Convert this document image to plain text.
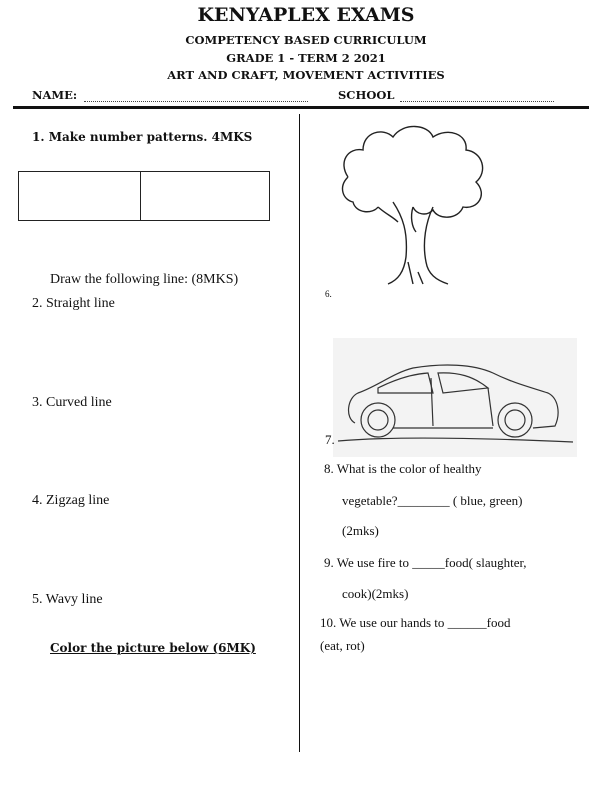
KENYAPLEX EXAMS
COMPETENCY BASED CURRICULUM
GRADE 1 - TERM 2 2021
ART AND CRAFT, MOVEMENT ACTIVITIES
NAME:	SCHOOL
1. Make number patterns. 4MKS
Draw the following line: (8MKS)
2. Straight line
3. Curved line
4. Zigzag line
5. Wavy line
Color the picture below (6MK)
6.
7.
8. What is the color of healthy
vegetable?________ ( blue, green)
(2mks)
9. We use fire to _____food( slaughter,
cook)(2mks)
10. We use our hands to ______food
(eat, rot)
